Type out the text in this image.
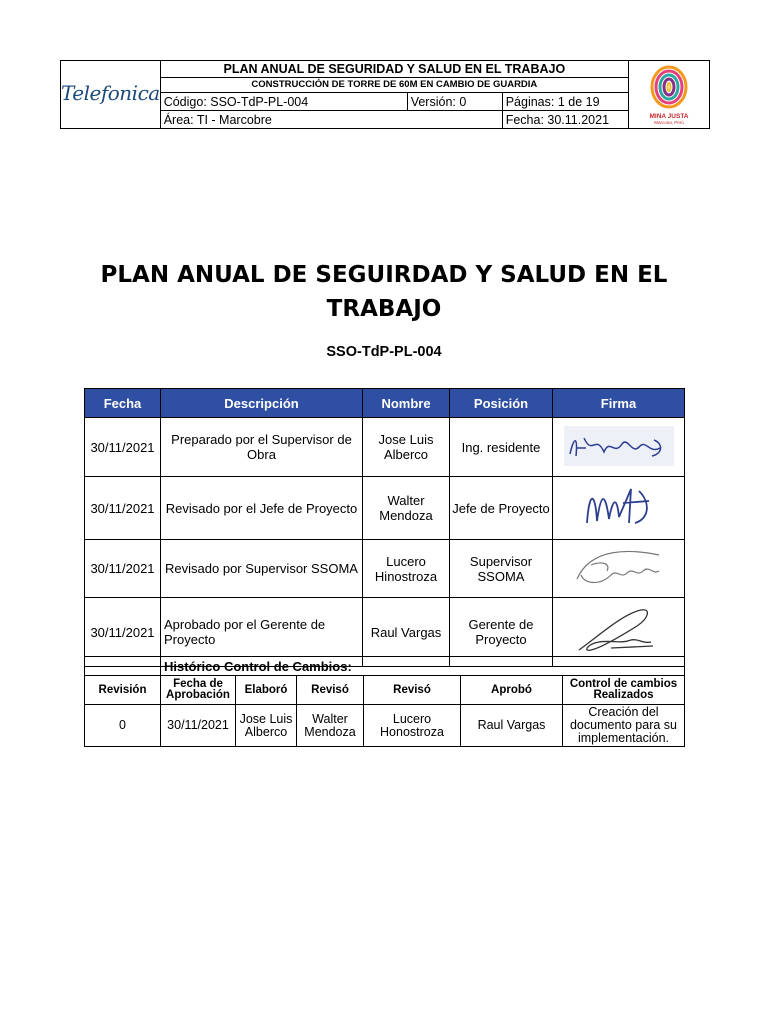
Telefonica	PLAN ANUAL DE SEGURIDAD Y SALUD EN EL TRABAJO			MINA JUSTA
Marcona, Perú

	CONSTRUCCIÓN DE TORRE DE 60M EN CAMBIO DE GUARDIA			
	Código: SSO-TdP-PL-004	Versión: 0	Páginas: 1 de 19	
	Área: TI - Marcobre		Fecha: 30.11.2021	
PLAN ANUAL DE SEGUIRDAD Y SALUD EN EL
TRABAJO
SSO-TdP-PL-004
Fecha	Descripción	Nombre	Posición	Firma
30/11/2021	Preparado por el Supervisor de Obra	Jose Luis Alberco	Ing. residente	
30/11/2021	Revisado por el Jefe de Proyecto	Walter Mendoza	Jefe de Proyecto	
30/11/2021	Revisado por Supervisor SSOMA	Lucero Hinostroza	Supervisor SSOMA	
30/11/2021	Aprobado por el Gerente de Proyecto	Raul Vargas	Gerente de Proyecto	
	Histórico Control de Cambios:					
Revisión	Fecha de Aprobación	Elaboró	Revisó	Revisó	Aprobó	Control de cambios Realizados
0	30/11/2021	Jose Luis Alberco	Walter Mendoza	Lucero Honostroza	Raul Vargas	Creación del documento para su implementación.
